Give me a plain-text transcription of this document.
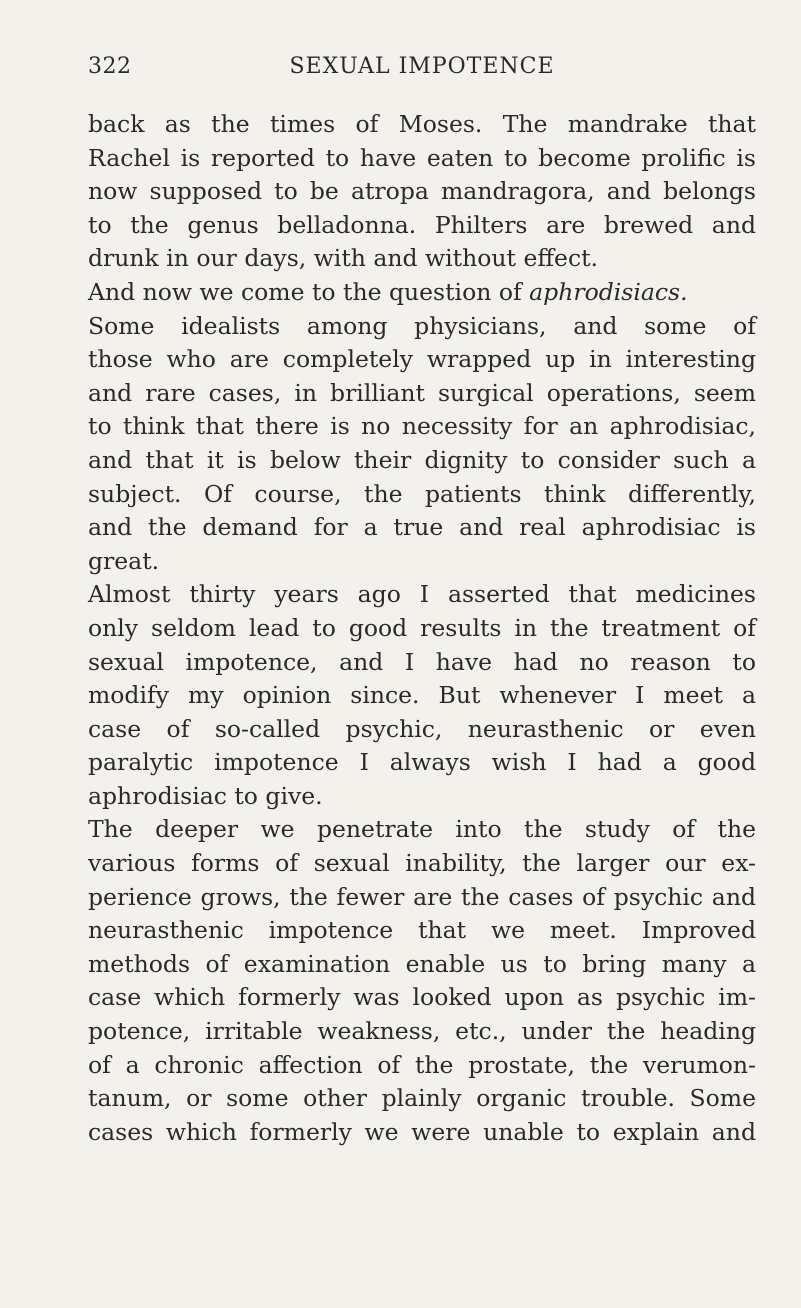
322	SEXUAL IMPOTENCE
back as the times of Moses. The mandrake that
Rachel is reported to have eaten to become prolific is
now supposed to be atropa mandragora, and belongs
to the genus belladonna. Philters are brewed and
drunk in our days, with and without effect.
And now we come to the question of aphrodisiacs.
Some idealists among physicians, and some of
those who are completely wrapped up in interesting
and rare cases, in brilliant surgical operations, seem
to think that there is no necessity for an aphrodisiac,
and that it is below their dignity to consider such a
subject. Of course, the patients think differently,
and the demand for a true and real aphrodisiac is
great.
Almost thirty years ago I asserted that medicines
only seldom lead to good results in the treatment of
sexual impotence, and I have had no reason to
modify my opinion since. But whenever I meet a
case of so-called psychic, neurasthenic or even
paralytic impotence I always wish I had a good
aphrodisiac to give.
The deeper we penetrate into the study of the
various forms of sexual inability, the larger our ex-
perience grows, the fewer are the cases of psychic and
neurasthenic impotence that we meet. Improved
methods of examination enable us to bring many a
case which formerly was looked upon as psychic im-
potence, irritable weakness, etc., under the heading
of a chronic affection of the prostate, the verumon-
tanum, or some other plainly organic trouble. Some
cases which formerly we were unable to explain and
